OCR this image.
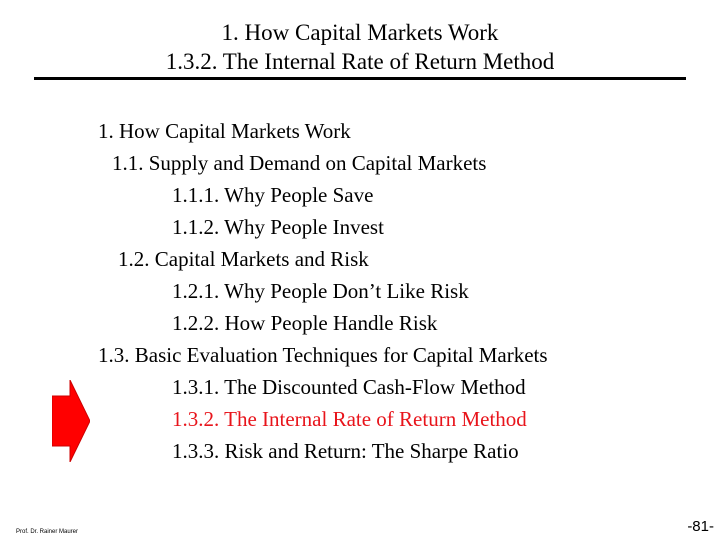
1. How Capital Markets Work
1.3.2. The Internal Rate of Return Method
1. How Capital Markets Work
1.1. Supply and Demand on Capital Markets
1.1.1. Why People Save
1.1.2. Why People Invest
1.2. Capital Markets and Risk
1.2.1. Why People Don’t Like Risk
1.2.2. How People Handle Risk
1.3. Basic Evaluation Techniques for Capital Markets
1.3.1. The Discounted Cash-Flow Method
1.3.2. The Internal Rate of Return Method
1.3.3. Risk and Return: The Sharpe Ratio
Prof. Dr. Rainer Maurer	-81-
